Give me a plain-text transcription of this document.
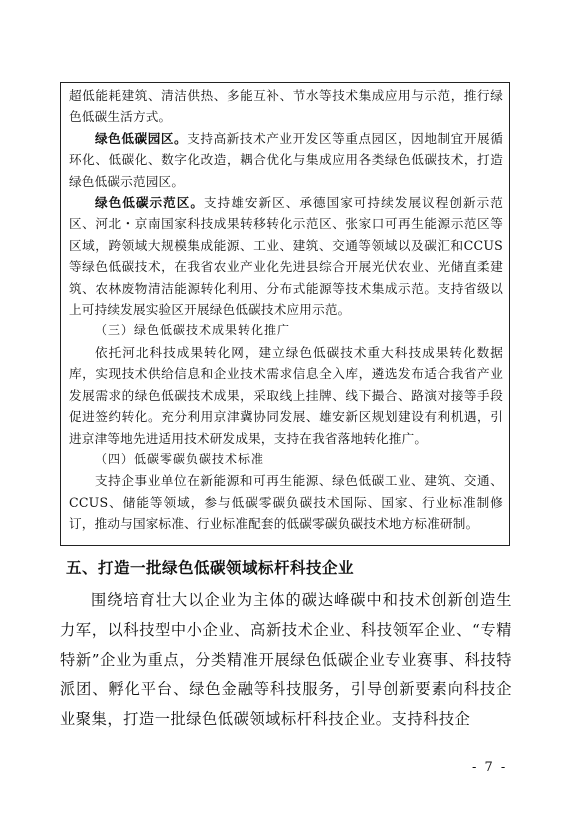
超低能耗建筑、清洁供热、多能互补、节水等技术集成应用与示范，推行绿色低碳生活方式。

绿色低碳园区。支持高新技术产业开发区等重点园区，因地制宜开展循环化、低碳化、数字化改造，耦合优化与集成应用各类绿色低碳技术，打造绿色低碳示范园区。

绿色低碳示范区。支持雄安新区、承德国家可持续发展议程创新示范区、河北・京南国家科技成果转移转化示范区、张家口可再生能源示范区等区域，跨领域大规模集成能源、工业、建筑、交通等领域以及碳汇和CCUS等绿色低碳技术，在我省农业产业化先进县综合开展光伏农业、光储直柔建筑、农林废物清洁能源转化利用、分布式能源等技术集成示范。支持省级以上可持续发展实验区开展绿色低碳技术应用示范。

（三）绿色低碳技术成果转化推广

依托河北科技成果转化网，建立绿色低碳技术重大科技成果转化数据库，实现技术供给信息和企业技术需求信息全入库，遴选发布适合我省产业发展需求的绿色低碳技术成果，采取线上挂牌、线下撮合、路演对接等手段促进签约转化。充分利用京津冀协同发展、雄安新区规划建设有利机遇，引进京津等地先进适用技术研发成果，支持在我省落地转化推广。

（四）低碳零碳负碳技术标准

支持企事业单位在新能源和可再生能源、绿色低碳工业、建筑、交通、CCUS、储能等领域，参与低碳零碳负碳技术国际、国家、行业标准制修订，推动与国家标准、行业标准配套的低碳零碳负碳技术地方标准研制。

五、打造一批绿色低碳领域标杆科技企业

围绕培育壮大以企业为主体的碳达峰碳中和技术创新创造生力军，以科技型中小企业、高新技术企业、科技领军企业、“专精特新”企业为重点，分类精准开展绿色低碳企业专业赛事、科技特派团、孵化平台、绿色金融等科技服务，引导创新要素向科技企业聚集，打造一批绿色低碳领域标杆科技企业。支持科技企

- 7 -
